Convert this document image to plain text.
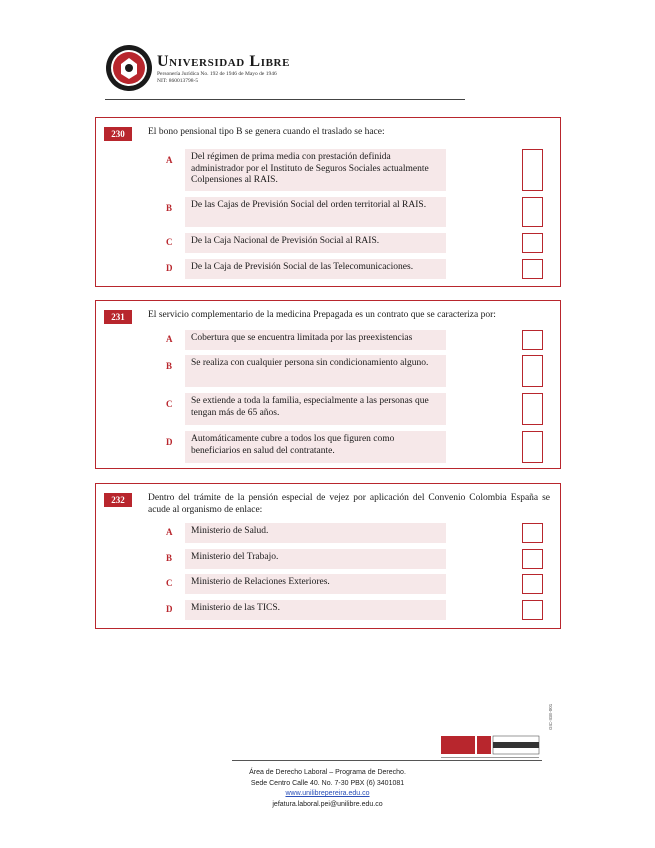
Universidad Libre
Personería Jurídica No. 192 de 1946 de Mayo de 1946
NIT: 860013798-5
230	El bono pensional tipo B se genera cuando el traslado se hace:
A	Del régimen de prima media con prestación definida administrador por el Instituto de Seguros Sociales actualmente Colpensiones al RAIS.
B	De las Cajas de Previsión Social del orden territorial al RAIS.
C	De la Caja Nacional de Previsión Social al RAIS.
D	De la Caja de Previsión Social de las Telecomunicaciones.
231	El servicio complementario de la medicina Prepagada es un contrato que se caracteriza por:
A	Cobertura que se encuentra limitada por las preexistencias
B	Se realiza con cualquier persona sin condicionamiento alguno.
C	Se extiende a toda la familia, especialmente a las personas que tengan más de 65 años.
D	Automáticamente cubre a todos los que figuren como beneficiarios en salud del contratante.
232	Dentro del trámite de la pensión especial de vejez por aplicación del Convenio Colombia España se acude al organismo de enlace:
A	Ministerio de Salud.
B	Ministerio del Trabajo.
C	Ministerio de Relaciones Exteriores.
D	Ministerio de las TICS.
GIC-IGE-001
Área de Derecho Laboral – Programa de Derecho.
Sede Centro Calle 40. No. 7-30 PBX (6) 3401081
www.unilibrepereira.edu.co
jefatura.laboral.pei@unilibre.edu.co
